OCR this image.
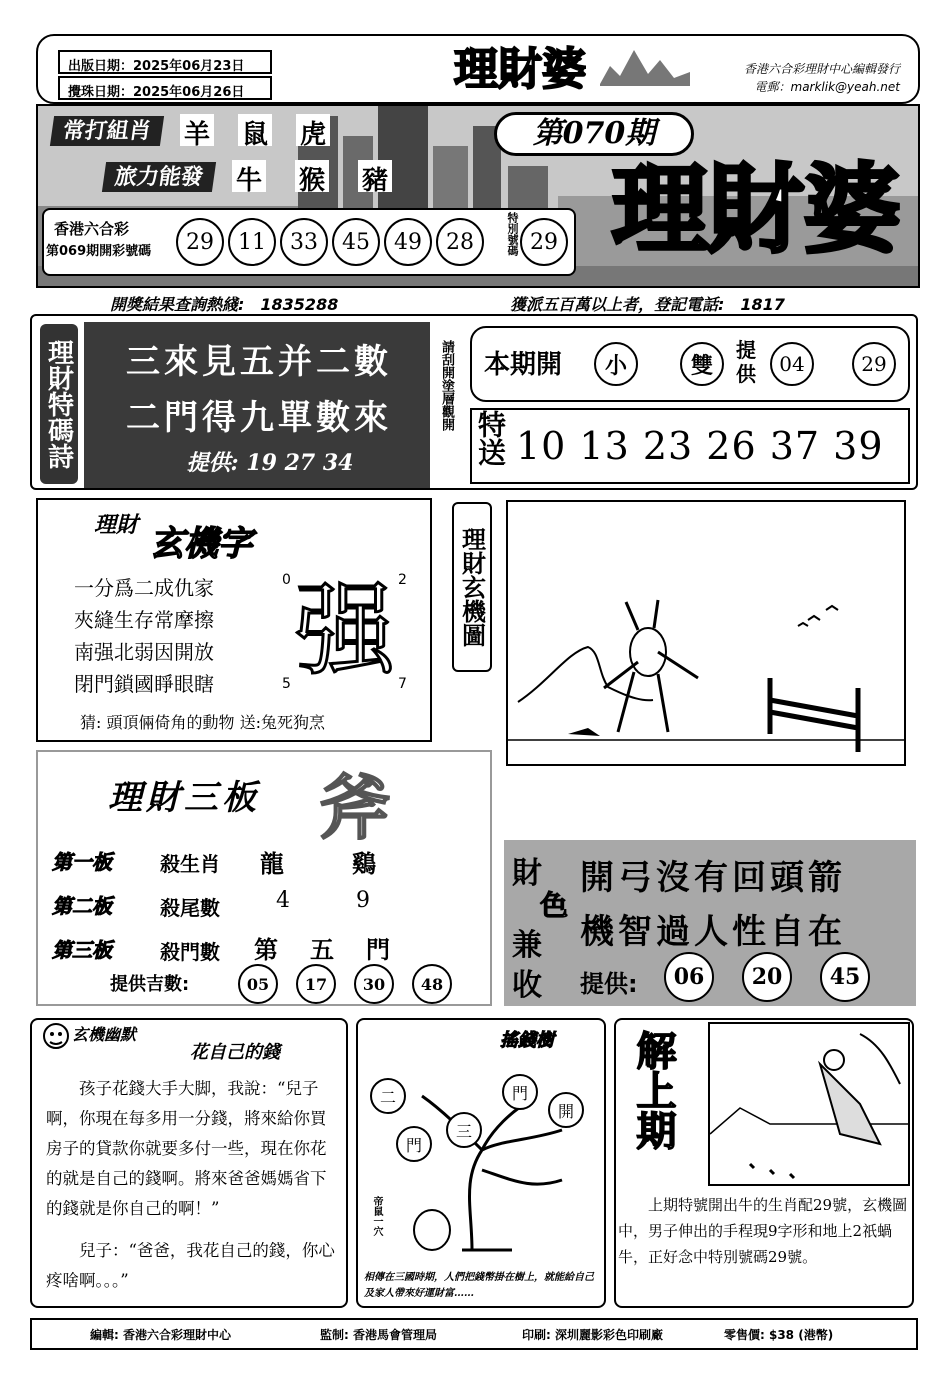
出版日期：2025年06月23日
攪珠日期：2025年06月26日	理財婆	香港六合彩理財中心編輯發行
電郵：marklik@yeah.net
常打組肖	羊 鼠 虎
旅力能發	牛 猴 豬
第070期
理財婆
香港六合彩
第069期開彩號碼	29	11	33	45	49	28	特別號碼 29
開獎結果查詢熱綫:　1835288	獲派五百萬以上者，登記電話:　1817
理財特碼詩	三來見五并二數
二門得九單數來
提供: 19 27 34
請刮開塗層觀開 本期開	小	雙
提供	04	29
特送 10 13 23 26 37 39
理財 玄機字
一分爲二成仇家
夾縫生存常摩擦
南强北弱因開放
閉門鎖國睜眼瞎 强
0	2
5	7
猜: 頭頂倆倚角的動物 送:兔死狗烹
理財玄機圖
理財三板 斧
第一板	殺生肖	龍	鷄
第二板	殺尾數	4	9
第三板	殺門數	第	五	門
提供吉數:	05	17	30	48
財
色
兼
收
開弓沒有回頭箭
機智過人性自在
提供:	06	20	45
玄機幽默
花自己的錢
孩子花錢大手大脚，我說：“兒子啊，你現在每多用一分錢，將來給你買房子的貸款你就要多付一些，現在你花的就是自己的錢啊。將來爸爸媽媽省下的錢就是你自己的啊！”
兒子：“爸爸，我花自己的錢，你心疼啥啊。。。”
搖錢樹
二
三
門
開
門
帝鼠一穴
相傳在三國時期，人們把錢幣掛在樹上，就能給自己及家人帶來好運財富……
解上期
上期特號開出牛的生肖配29號，玄機圖中，男子伸出的手程現9字形和地上2祇蝸牛，正好念中特別號碼29號。
編輯: 香港六合彩理財中心	監制: 香港馬會管理局	印刷: 深圳麗影彩色印刷廠	零售價: $38 (港幣)
